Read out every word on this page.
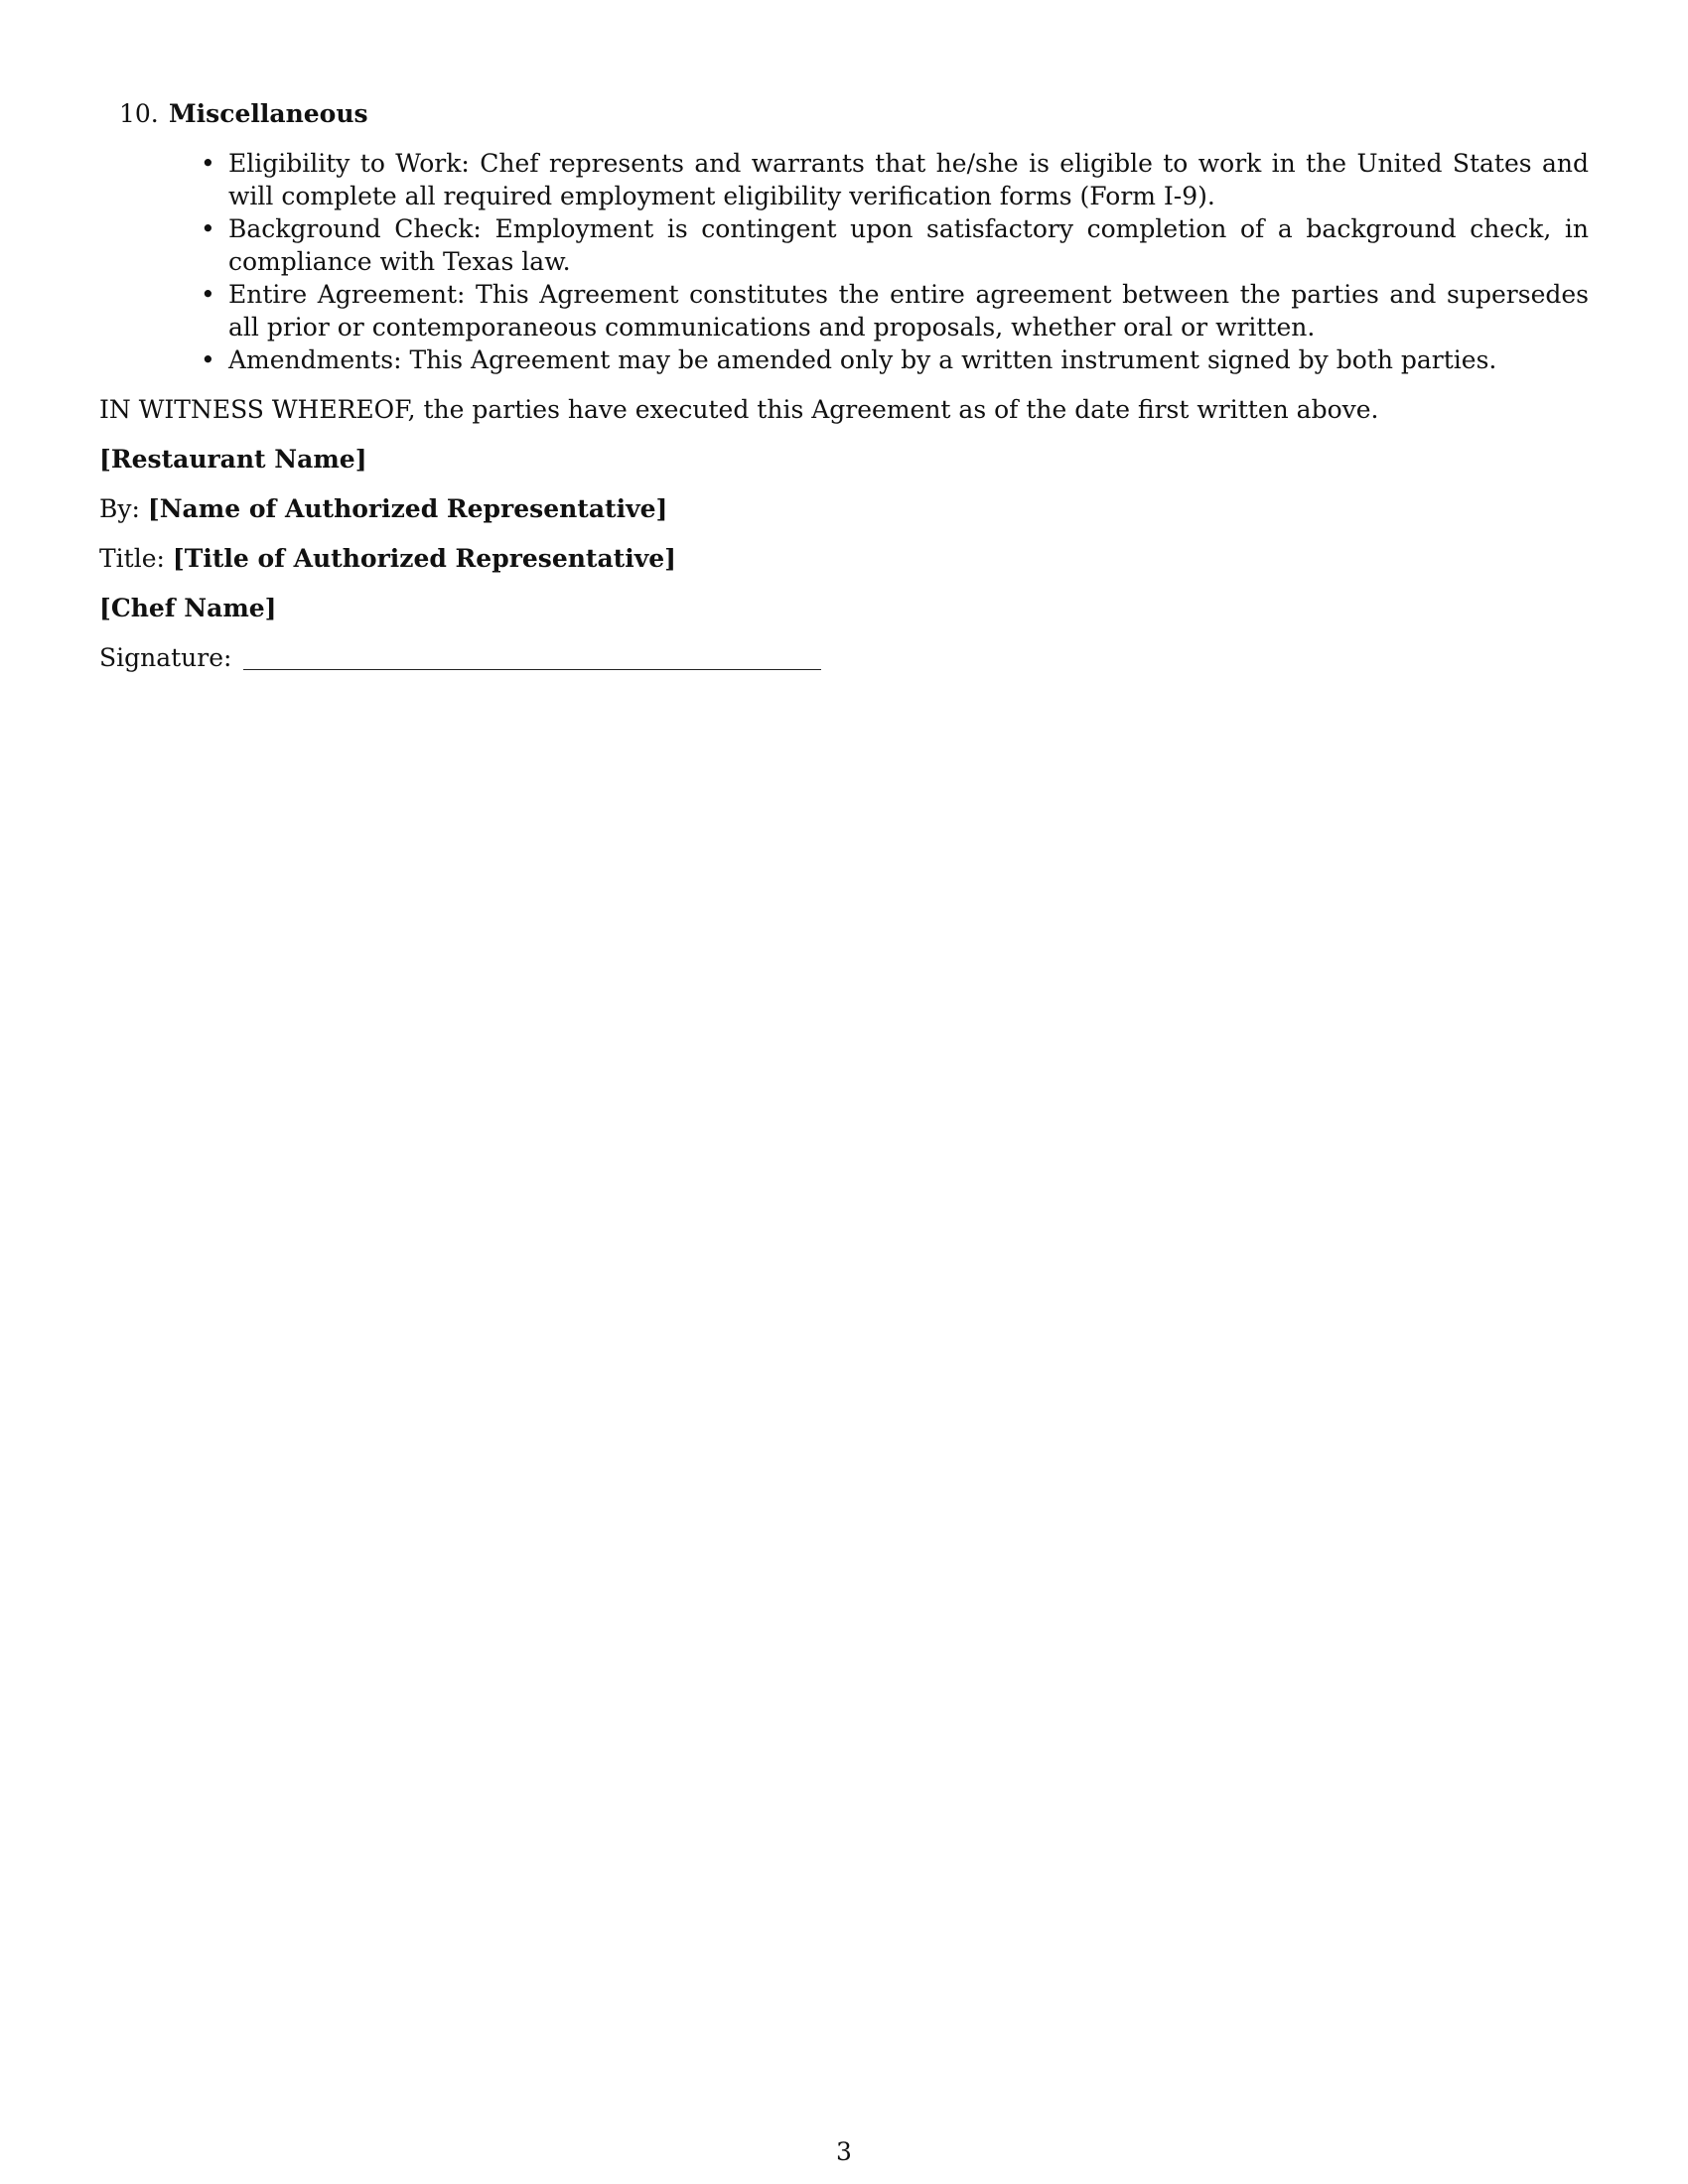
10. Miscellaneous
• Eligibility to Work: Chef represents and warrants that he/she is eligible to work in the United States and will complete all required employment eligibility verification forms (Form I-9).
• Background Check: Employment is contingent upon satisfactory completion of a background check, in compliance with Texas law.
• Entire Agreement: This Agreement constitutes the entire agreement between the parties and supersedes all prior or contemporaneous communications and proposals, whether oral or written.
• Amendments: This Agreement may be amended only by a written instrument signed by both parties.
IN WITNESS WHEREOF, the parties have executed this Agreement as of the date first written above.
[Restaurant Name]
By: [Name of Authorized Representative]
Title: [Title of Authorized Representative]
[Chef Name]
Signature:
3
